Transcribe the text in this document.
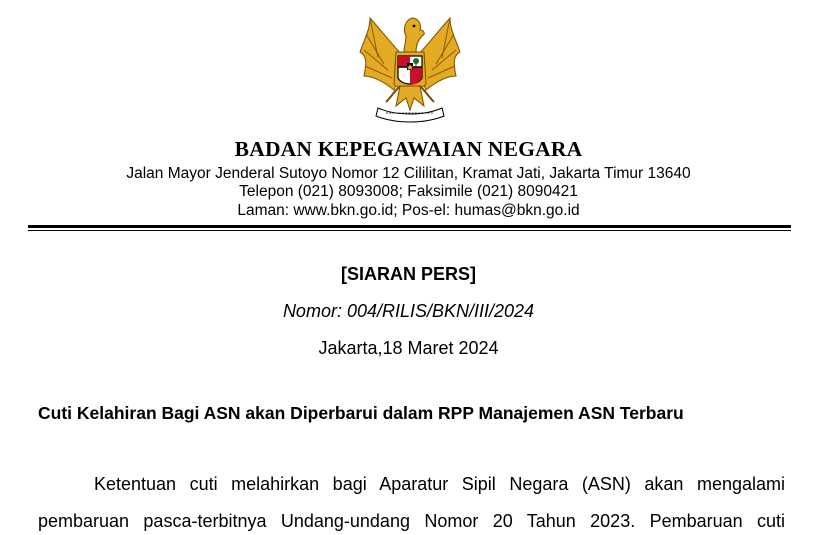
BADAN KEPEGAWAIAN NEGARA
Jalan Mayor Jenderal Sutoyo Nomor 12 Cililitan, Kramat Jati, Jakarta Timur 13640
Telepon (021) 8093008; Faksimile (021) 8090421
Laman: www.bkn.go.id; Pos-el: humas@bkn.go.id
[SIARAN PERS]
Nomor: 004/RILIS/BKN/III/2024
Jakarta,18 Maret 2024
Cuti Kelahiran Bagi ASN akan Diperbarui dalam RPP Manajemen ASN Terbaru
Ketentuan cuti melahirkan bagi Aparatur Sipil Negara (ASN) akan mengalami
pembaruan pasca-terbitnya Undang-undang Nomor 20 Tahun 2023. Pembaruan cuti
